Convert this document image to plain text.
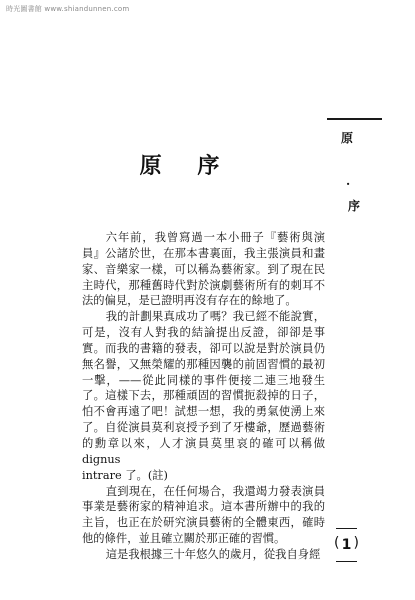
時光圖書館 www.shiandunnen.com
原 序
原
·
序

六年前，我曾寫過一本小冊子『藝術與演員』公諸於世，在那本書裏面，我主張演員和畫家、音樂家一樣，可以稱為藝術家。到了現在民主時代，那種舊時代對於演劇藝術所有的刺耳不法的偏見，是已證明再沒有存在的餘地了。

我的計劃果真成功了嗎？我已經不能說實，可是，沒有人對我的結論提出反證，卻卻是事實。而我的書籍的發表，卻可以說是對於演員仍無名譽，又無榮耀的那種因襲的前固習慣的最初一擊，——從此同樣的事件便接二連三地發生了。這樣下去，那種頑固的習慣扼殺掉的日子，怕不會再遠了吧！試想一想，我的勇氣使湧上來了。自從演員莫利哀授予到了牙樓爺，歷過藝術的勳章以來，人才演員莫里哀的確可以稱做 dignus

intrare 了。(註)

直到現在，在任何場合，我還竭力發表演員事業是藝術家的精神追求。這本書所辦中的我的主旨，也正在於研究演員藝術的全體東西，確時他的條件，並且確立關於那正確的習慣。

這是我根據三十年悠久的歲月，從我自身經

( 1 )
